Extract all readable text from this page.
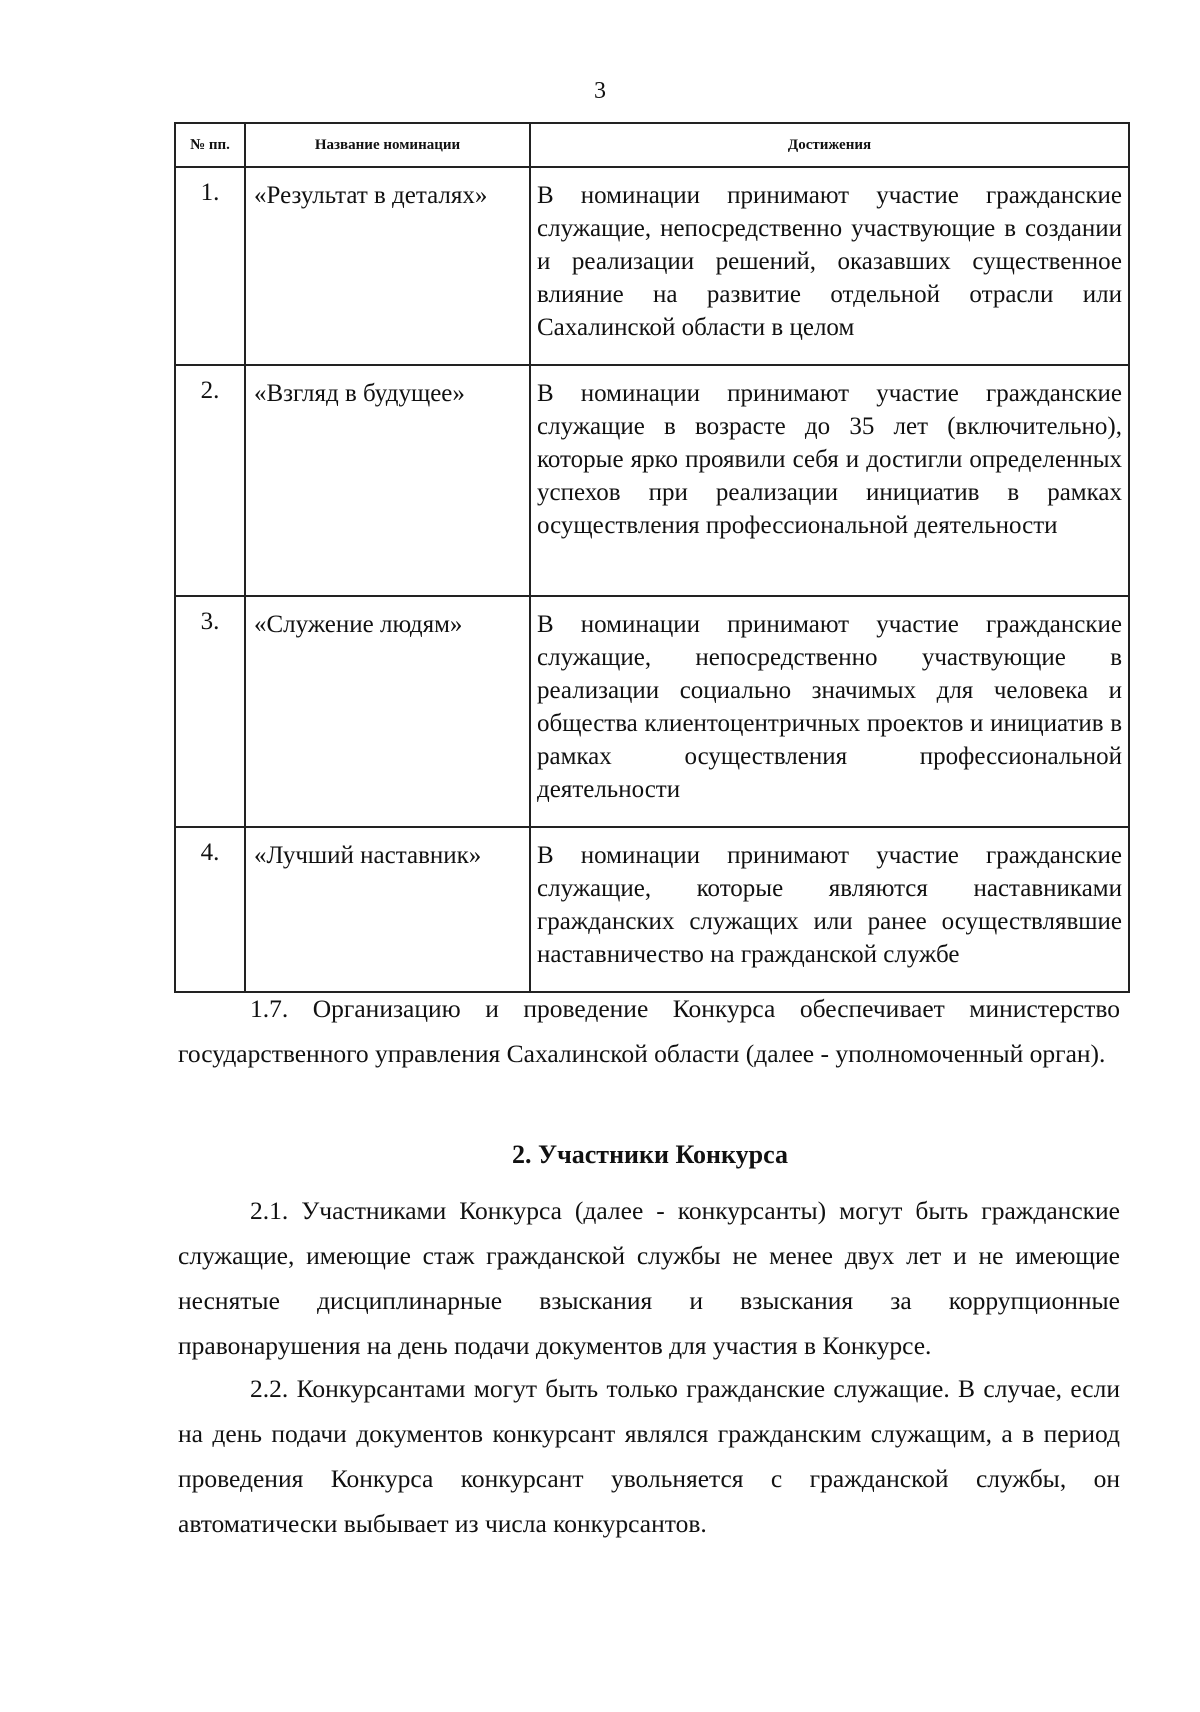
3
№ пп.	Название номинации	Достижения
1.	«Результат в деталях»	В номинации принимают участие гражданские служащие, непосредственно участвующие в создании и реализации решений, оказавших существенное влияние на развитие отдельной отрасли или Сахалинской области в целом
2.	«Взгляд в будущее»	В номинации принимают участие гражданские служащие в возрасте до 35 лет (включительно), которые ярко проявили себя и достигли определенных успехов при реализации инициатив в рамках осуществления профессиональной деятельности
3.	«Служение людям»	В номинации принимают участие гражданские служащие, непосредственно участвующие в реализации социально значимых для человека и общества клиентоцентричных проектов и инициатив в рамках осуществления профессиональной деятельности
4.	«Лучший наставник»	В номинации принимают участие гражданские служащие, которые являются наставниками гражданских служащих или ранее осуществлявшие наставничество на гражданской службе

1.7. Организацию и проведение Конкурса обеспечивает министерство государственного управления Сахалинской области (далее - уполномоченный орган).

2. Участники Конкурса

2.1. Участниками Конкурса (далее - конкурсанты) могут быть гражданские служащие, имеющие стаж гражданской службы не менее двух лет и не имеющие неснятые дисциплинарные взыскания и взыскания за коррупционные правонарушения на день подачи документов для участия в Конкурсе.

2.2. Конкурсантами могут быть только гражданские служащие. В случае, если на день подачи документов конкурсант являлся гражданским служащим, а в период проведения Конкурса конкурсант увольняется с гражданской службы, он автоматически выбывает из числа конкурсантов.
